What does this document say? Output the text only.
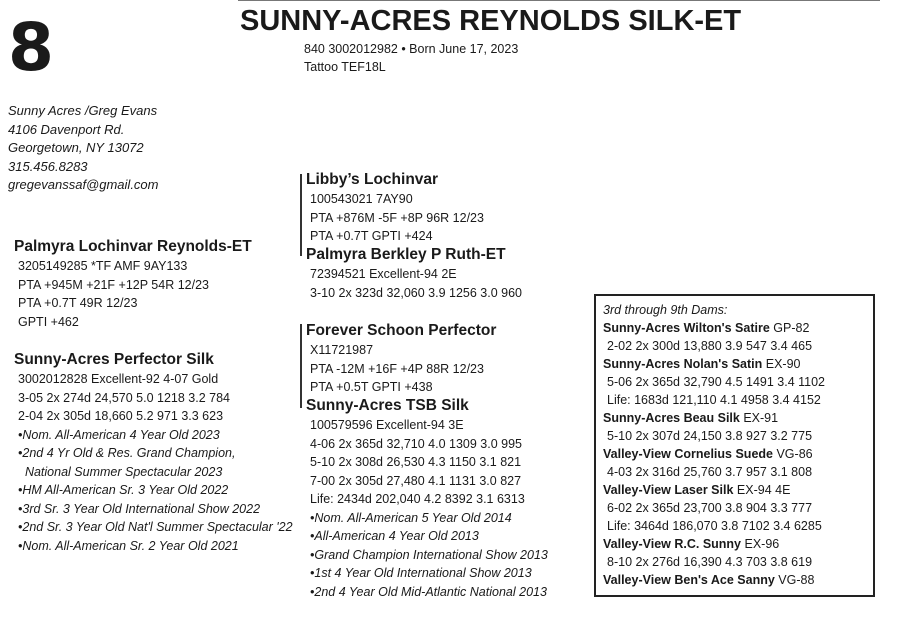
8	SUNNY-ACRES REYNOLDS SILK-ET
840 3002012982 • Born June 17, 2023
Tattoo TEF18L
Sunny Acres /Greg Evans
4106 Davenport Rd.
Georgetown, NY 13072
315.456.8283
gregevanssaf@gmail.com	Libby’s Lochinvar
100543021 7AY90
PTA +876M -5F +8P 96R 12/23
PTA +0.7T GPTI +424
Palmyra Berkley P Ruth-ET
72394521 Excellent-94 2E
3-10 2x 323d 32,060 3.9 1256 3.0 960
Palmyra Lochinvar Reynolds-ET
3205149285 *TF AMF 9AY133
PTA +945M +21F +12P 54R 12/23
PTA +0.7T 49R 12/23
GPTI +462
Forever Schoon Perfector
X11721987
PTA -12M +16F +4P 88R 12/23
PTA +0.5T GPTI +438
Sunny-Acres TSB Silk
100579596 Excellent-94 3E
4-06 2x 365d 32,710 4.0 1309 3.0 995
5-10 2x 308d 26,530 4.3 1150 3.1 821
7-00 2x 305d 27,480 4.1 1131 3.0 827
Life: 2434d 202,040 4.2 8392 3.1 6313
•Nom. All-American 5 Year Old 2014
•All-American 4 Year Old 2013
•Grand Champion International Show 2013
•1st 4 Year Old International Show 2013
•2nd 4 Year Old Mid-Atlantic National 2013
Sunny-Acres Perfector Silk
3002012828 Excellent-92 4-07 Gold
3-05 2x 274d 24,570 5.0 1218 3.2 784
2-04 2x 305d 18,660 5.2 971 3.3 623
•Nom. All-American 4 Year Old 2023
•2nd 4 Yr Old & Res. Grand Champion,
National Summer Spectacular 2023
•HM All-American Sr. 3 Year Old 2022
•3rd Sr. 3 Year Old International Show 2022
•2nd Sr. 3 Year Old Nat'l Summer Spectacular '22
•Nom. All-American Sr. 2 Year Old 2021
3rd through 9th Dams:
Sunny-Acres Wilton's Satire GP-82
2-02 2x 300d 13,880 3.9 547 3.4 465
Sunny-Acres Nolan's Satin EX-90
5-06 2x 365d 32,790 4.5 1491 3.4 1102
Life: 1683d 121,110 4.1 4958 3.4 4152
Sunny-Acres Beau Silk EX-91
5-10 2x 307d 24,150 3.8 927 3.2 775
Valley-View Cornelius Suede VG-86
4-03 2x 316d 25,760 3.7 957 3.1 808
Valley-View Laser Silk EX-94 4E
6-02 2x 365d 23,700 3.8 904 3.3 777
Life: 3464d 186,070 3.8 7102 3.4 6285
Valley-View R.C. Sunny EX-96
8-10 2x 276d 16,390 4.3 703 3.8 619
Valley-View Ben's Ace Sanny VG-88
